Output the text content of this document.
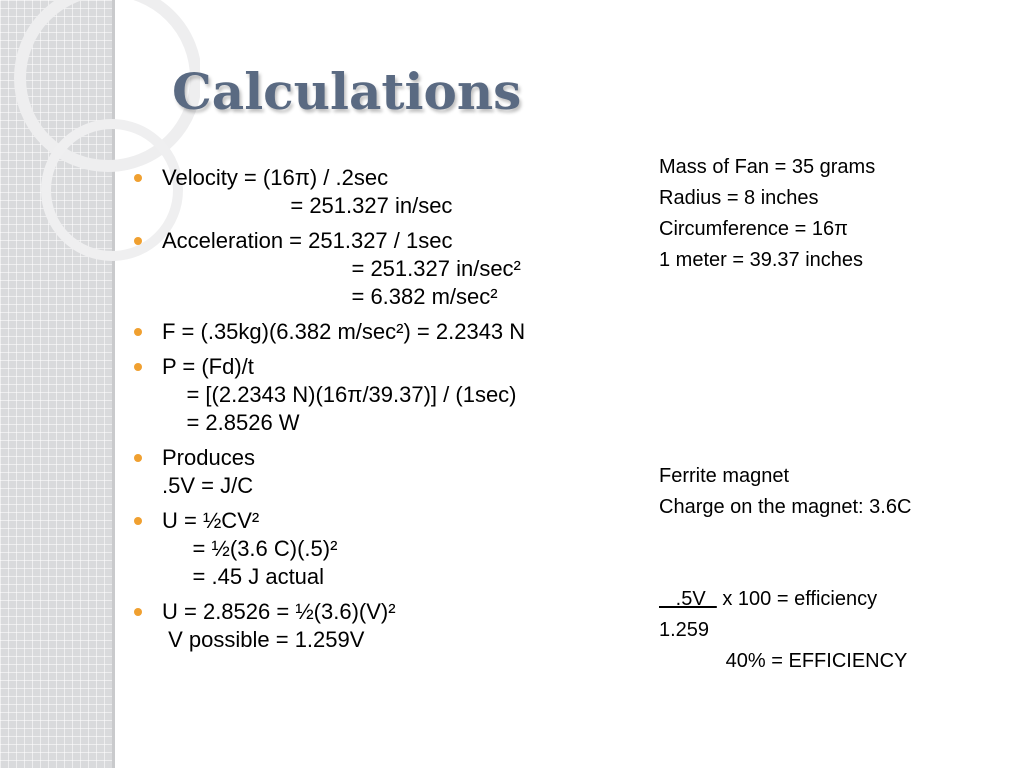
Calculations
Velocity = (16π) / .2sec
= 251.327 in/sec
Acceleration = 251.327 / 1sec
= 251.327 in/sec²
= 6.382 m/sec²
F = (.35kg)(6.382 m/sec²) = 2.2343 N
P = (Fd)/t
= [(2.2343 N)(16π/39.37)] / (1sec)
= 2.8526 W
Produces
.5V = J/C
U = ½CV²
= ½(3.6 C)(.5)²
= .45 J actual
U = 2.8526 = ½(3.6)(V)²
V possible = 1.259V
Mass of Fan = 35 grams
Radius = 8 inches
Circumference = 16π
1 meter = 39.37 inches
Ferrite magnet
Charge on the magnet: 3.6C
.5V   x 100 = efficiency
1.259
40% = EFFICIENCY
